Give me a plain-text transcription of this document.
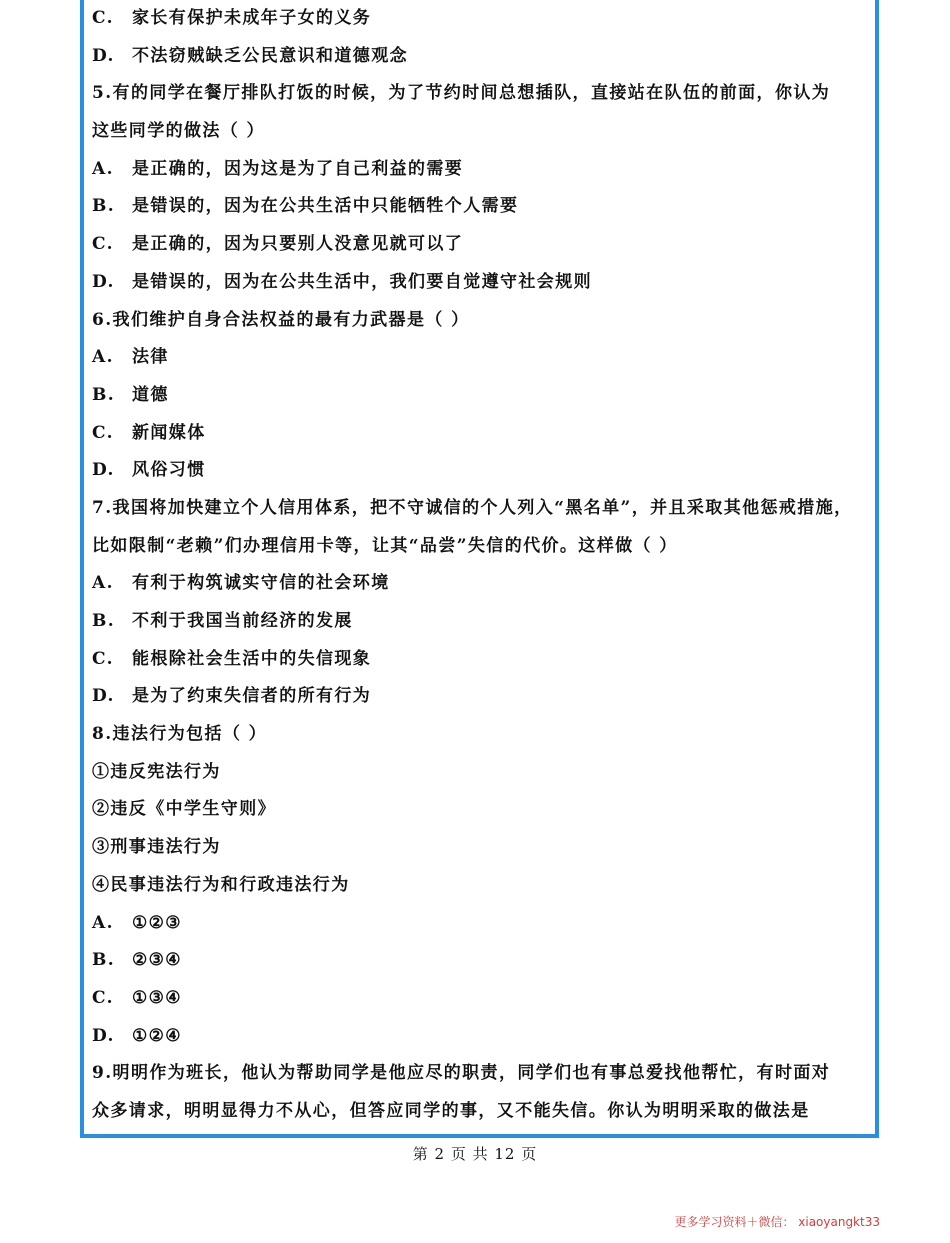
C. 家长有保护未成年子女的义务
D. 不法窃贼缺乏公民意识和道德观念
5.有的同学在餐厅排队打饭的时候，为了节约时间总想插队，直接站在队伍的前面，你认为
这些同学的做法（ ）
A. 是正确的，因为这是为了自己利益的需要
B. 是错误的，因为在公共生活中只能牺牲个人需要
C. 是正确的，因为只要别人没意见就可以了
D. 是错误的，因为在公共生活中，我们要自觉遵守社会规则
6.我们维护自身合法权益的最有力武器是（ ）
A. 法律
B. 道德
C. 新闻媒体
D. 风俗习惯
7.我国将加快建立个人信用体系，把不守诚信的个人列入“黑名单”，并且采取其他惩戒措施，
比如限制“老赖”们办理信用卡等，让其“品尝”失信的代价。这样做（ ）
A. 有利于构筑诚实守信的社会环境
B. 不利于我国当前经济的发展
C. 能根除社会生活中的失信现象
D. 是为了约束失信者的所有行为
8.违法行为包括（ ）
①违反宪法行为
②违反《中学生守则》
③刑事违法行为
④民事违法行为和行政违法行为
A. ①②③
B. ②③④
C. ①③④
D. ①②④
9.明明作为班长，他认为帮助同学是他应尽的职责，同学们也有事总爱找他帮忙，有时面对
众多请求，明明显得力不从心，但答应同学的事，又不能失信。你认为明明采取的做法是
第 2 页 共 12 页
更多学习资料＋微信： xiaoyangkt33
